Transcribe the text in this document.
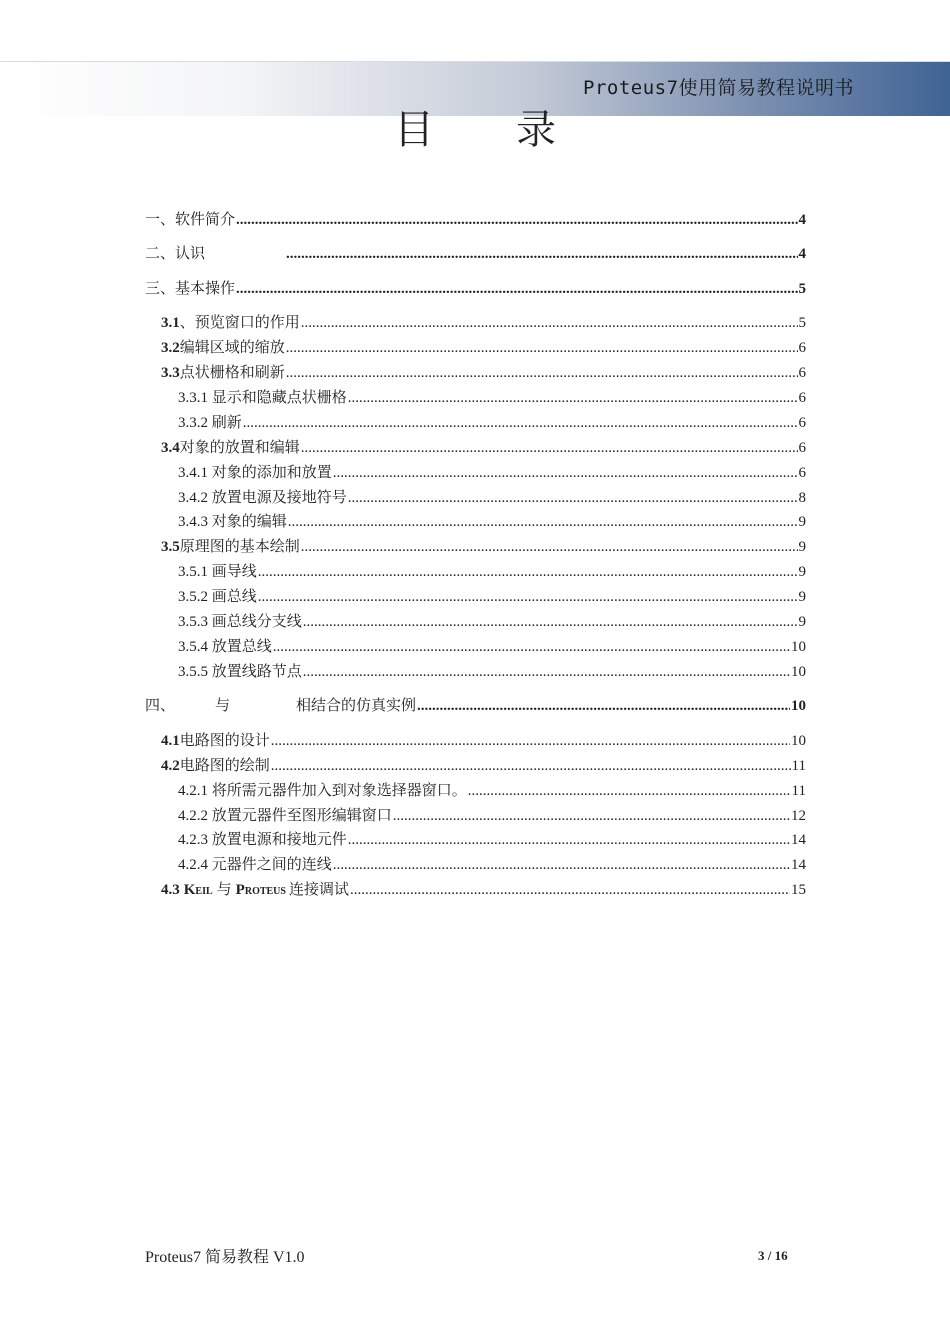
Proteus7使用简易教程说明书
目 录
一、软件简介 .....	4
二、认识 .....	4
三、基本操作 .....	5
3.1 、预览窗口的作用 .....	5
3.2 编辑区域的缩放 .....	6
3.3 点状栅格和刷新 .....	6
3.3.1 显示和隐藏点状栅格 .....	6
3.3.2 刷新 .....	6
3.4 对象的放置和编辑 .....	6
3.4.1 对象的添加和放置 .....	6
3.4.2 放置电源及接地符号 .....	8
3.4.3 对象的编辑 .....	9
3.5 原理图的基本绘制 .....	9
3.5.1 画导线 .....	9
3.5.2 画总线 .....	9
3.5.3 画总线分支线 .....	9
3.5.4 放置总线 .....	10
3.5.5 放置线路节点 .....	10
四、	与	相结合的仿真实例 .....	10
4.1 电路图的设计 .....	10
4.2 电路图的绘制 .....	11
4.2.1 将所需元器件加入到对象选择器窗口。 .....	11
4.2.2 放置元器件至图形编辑窗口 .....	12
4.2.3 放置电源和接地元件 .....	14
4.2.4 元器件之间的连线 .....	14
4.3 K EIL 与 P ROTEUS 连接调试 .....	15
Proteus7 简易教程 V1.0	3 / 16
